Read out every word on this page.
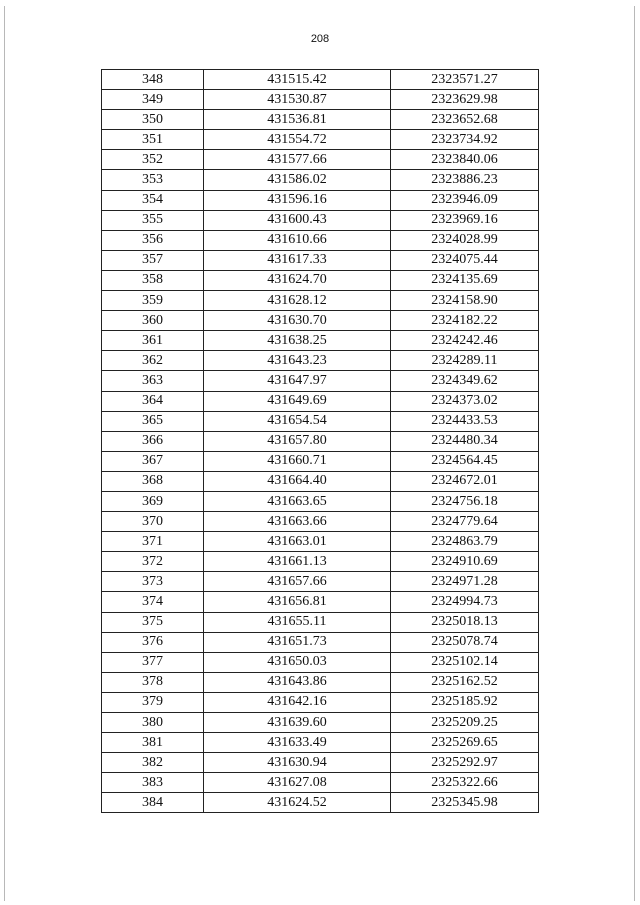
208
348	431515.42	2323571.27
349	431530.87	2323629.98
350	431536.81	2323652.68
351	431554.72	2323734.92
352	431577.66	2323840.06
353	431586.02	2323886.23
354	431596.16	2323946.09
355	431600.43	2323969.16
356	431610.66	2324028.99
357	431617.33	2324075.44
358	431624.70	2324135.69
359	431628.12	2324158.90
360	431630.70	2324182.22
361	431638.25	2324242.46
362	431643.23	2324289.11
363	431647.97	2324349.62
364	431649.69	2324373.02
365	431654.54	2324433.53
366	431657.80	2324480.34
367	431660.71	2324564.45
368	431664.40	2324672.01
369	431663.65	2324756.18
370	431663.66	2324779.64
371	431663.01	2324863.79
372	431661.13	2324910.69
373	431657.66	2324971.28
374	431656.81	2324994.73
375	431655.11	2325018.13
376	431651.73	2325078.74
377	431650.03	2325102.14
378	431643.86	2325162.52
379	431642.16	2325185.92
380	431639.60	2325209.25
381	431633.49	2325269.65
382	431630.94	2325292.97
383	431627.08	2325322.66
384	431624.52	2325345.98
